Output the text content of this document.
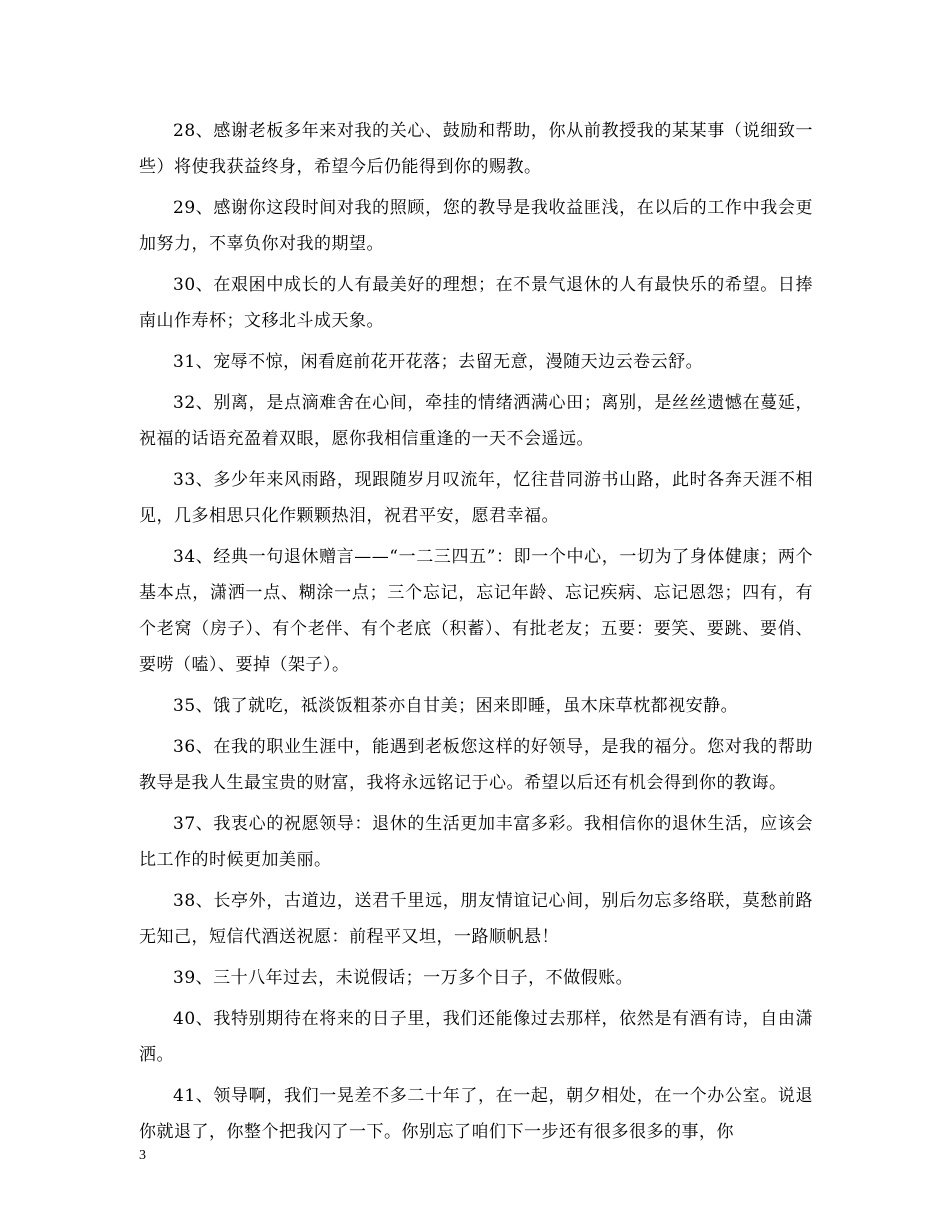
28、感谢老板多年来对我的关心、鼓励和帮助，你从前教授我的某某事（说细致一些）将使我获益终身，希望今后仍能得到你的赐教。

29、感谢你这段时间对我的照顾，您的教导是我收益匪浅，在以后的工作中我会更加努力，不辜负你对我的期望。

30、在艰困中成长的人有最美好的理想；在不景气退休的人有最快乐的希望。日捧南山作寿杯；文移北斗成天象。

31、宠辱不惊，闲看庭前花开花落；去留无意，漫随天边云卷云舒。

32、别离，是点滴难舍在心间，牵挂的情绪洒满心田；离别，是丝丝遗憾在蔓延，祝福的话语充盈着双眼，愿你我相信重逢的一天不会遥远。

33、多少年来风雨路，现跟随岁月叹流年，忆往昔同游书山路，此时各奔天涯不相见，几多相思只化作颗颗热泪，祝君平安，愿君幸福。

34、经典一句退休赠言——“一二三四五”：即一个中心，一切为了身体健康；两个基本点，潇洒一点、糊涂一点；三个忘记，忘记年龄、忘记疾病、忘记恩怨；四有，有个老窝（房子）、有个老伴、有个老底（积蓄）、有批老友；五要：要笑、要跳、要俏、要唠（嗑）、要掉（架子）。

35、饿了就吃，祗淡饭粗茶亦自甘美；困来即睡，虽木床草枕都视安静。

36、在我的职业生涯中，能遇到老板您这样的好领导，是我的福分。您对我的帮助教导是我人生最宝贵的财富，我将永远铭记于心。希望以后还有机会得到你的教诲。

37、我衷心的祝愿领导：退休的生活更加丰富多彩。我相信你的退休生活，应该会比工作的时候更加美丽。

38、长亭外，古道边，送君千里远，朋友情谊记心间，别后勿忘多络联，莫愁前路无知己，短信代酒送祝愿：前程平又坦，一路顺帆悬！

39、三十八年过去，未说假话；一万多个日子，不做假账。

40、我特别期待在将来的日子里，我们还能像过去那样，依然是有酒有诗，自由潇洒。

41、领导啊，我们一晃差不多二十年了，在一起，朝夕相处，在一个办公室。说退你就退了，你整个把我闪了一下。你别忘了咱们下一步还有很多很多的事，你

3
